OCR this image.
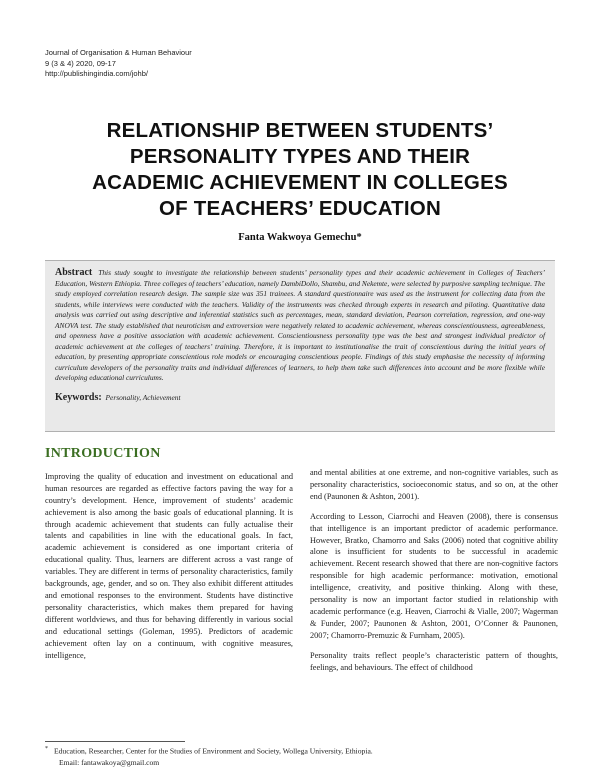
Journal of Organisation & Human Behaviour
9 (3 & 4) 2020, 09-17
http://publishingindia.com/johb/
RELATIONSHIP BETWEEN STUDENTS’
PERSONALITY TYPES AND THEIR
ACADEMIC ACHIEVEMENT IN COLLEGES
OF TEACHERS’ EDUCATION
Fanta Wakwoya Gemechu*

Abstract This study sought to investigate the relationship between students’ personality types and their academic achievement in Colleges of Teachers’ Education, Western Ethiopia. Three colleges of teachers’ education, namely DambiDollo, Shambu, and Nekemte, were selected by purposive sampling technique. The study employed correlation research design. The sample size was 351 trainees. A standard questionnaire was used as the instrument for collecting data from the students, while interviews were conducted with the teachers. Validity of the instruments was checked through experts in research and piloting. Quantitative data analysis was carried out using descriptive and inferential statistics such as percentages, mean, standard deviation, Pearson correlation, regression, and one-way ANOVA test. The study established that neuroticism and extroversion were negatively related to academic achievement, whereas conscientiousness, agreeableness, and openness have a positive association with academic achievement. Conscientiousness personality type was the best and strongest individual predictor of academic achievement at the colleges of teachers’ training. Therefore, it is important to institutionalise the trait of conscientious during the initial years of education, by presenting appropriate conscientious role models or encouraging conscientious people. Findings of this study emphasise the necessity of informing curriculum developers of the personality traits and individual differences of learners, to help them take such differences into account and be more flexible while developing educational curriculums.

Keywords: Personality, Achievement
INTRODUCTION

Improving the quality of education and investment on educational and human resources are regarded as effective factors paving the way for a country’s development. Hence, improvement of students’ academic achievement is also among the basic goals of educational planning. It is through academic achievement that students can fully actualise their talents and capabilities in line with the educational goals. In fact, academic achievement is considered as one important criteria of educational quality. Thus, learners are different across a vast range of variables. They are different in terms of personality characteristics, family backgrounds, age, gender, and so on. They also exhibit different attitudes and emotional responses to the environment. Students have distinctive personality characteristics, which makes them prepared for having different worldviews, and thus for behaving differently in various social and educational settings (Goleman, 1995). Predictors of academic achievement often lay on a continuum, with cognitive measures, intelligence,

and mental abilities at one extreme, and non-cognitive variables, such as personality characteristics, socioeconomic status, and so on, at the other end (Paunonen & Ashton, 2001).

According to Lesson, Ciarrochi and Heaven (2008), there is consensus that intelligence is an important predictor of academic performance. However, Bratko, Chamorro and Saks (2006) noted that cognitive ability alone is insufficient for students to be successful in academic achievement. Recent research showed that there are non-cognitive factors responsible for high academic performance: motivation, emotional intelligence, creativity, and positive thinking. Along with these, personality is now an important factor studied in relationship with academic performance (e.g. Heaven, Ciarrochi & Vialle, 2007; Wagerman & Funder, 2007; Paunonen & Ashton, 2001, O’Conner & Paunonen, 2007; Chamorro-Premuzic & Furnham, 2005).

Personality traits reflect people’s characteristic pattern of thoughts, feelings, and behaviours. The effect of childhood

* Education, Researcher, Center for the Studies of Environment and Society, Wollega University, Ethiopia.
Email: fantawakoya@gmail.com
